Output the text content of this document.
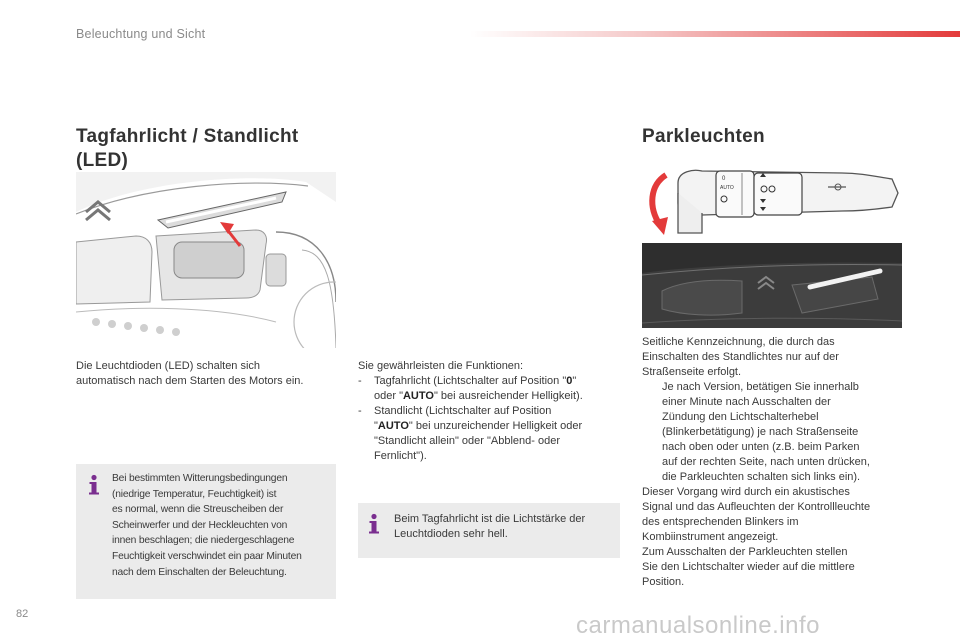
Beleuchtung und Sicht
Tagfahrlicht / Standlicht
(LED)
Die Leuchtdioden (LED) schalten sich
automatisch nach dem Starten des Motors ein.
Bei bestimmten Witterungsbedingungen
(niedrige Temperatur, Feuchtigkeit) ist
es normal, wenn die Streuscheiben der
Scheinwerfer und der Heckleuchten von
innen beschlagen; die niedergeschlagene
Feuchtigkeit verschwindet ein paar Minuten
nach dem Einschalten der Beleuchtung.
Sie gewährleisten die Funktionen:
-	Tagfahrlicht (Lichtschalter auf Position "0"
oder "AUTO" bei ausreichender Helligkeit).
-	Standlicht (Lichtschalter auf Position
"AUTO" bei unzureichender Helligkeit oder
"Standlicht allein" oder "Abblend- oder
Fernlicht").
Beim Tagfahrlicht ist die Lichtstärke der
Leuchtdioden sehr hell.
Parkleuchten
0
AUTO
Seitliche Kennzeichnung, die durch das
Einschalten des Standlichtes nur auf der
Straßenseite erfolgt.
Je nach Version, betätigen Sie innerhalb
einer Minute nach Ausschalten der
Zündung den Lichtschalterhebel
(Blinkerbetätigung) je nach Straßenseite
nach oben oder unten (z.B. beim Parken
auf der rechten Seite, nach unten drücken,
die Parkleuchten schalten sich links ein).
Dieser Vorgang wird durch ein akustisches
Signal und das Aufleuchten der Kontrollleuchte
des entsprechenden Blinkers im
Kombiinstrument angezeigt.
Zum Ausschalten der Parkleuchten stellen
Sie den Lichtschalter wieder auf die mittlere
Position.
82	carmanualsonline.info
